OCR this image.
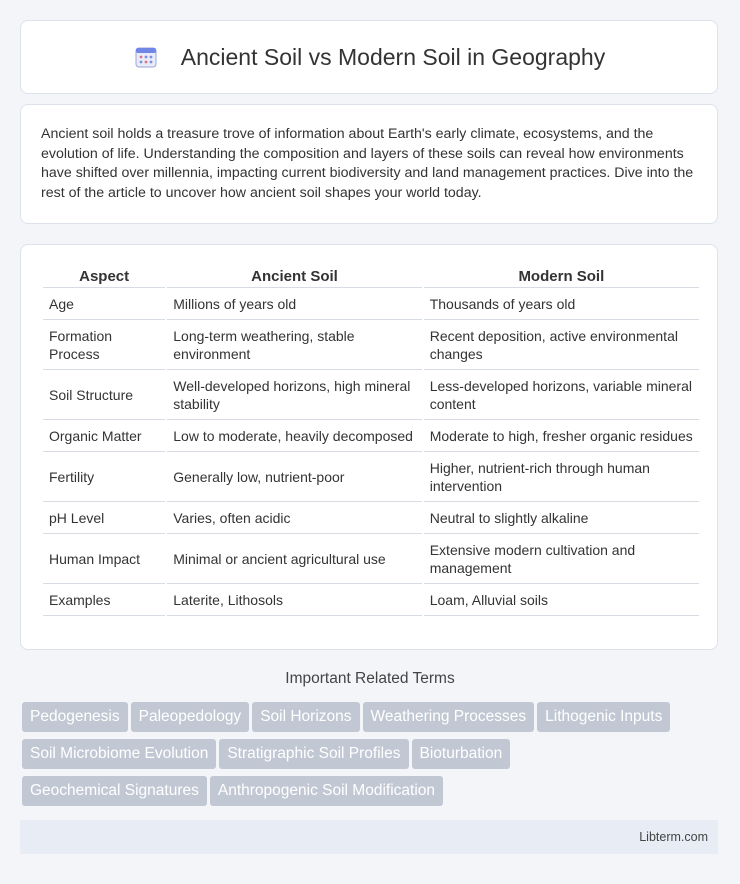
Ancient Soil vs Modern Soil in Geography

Ancient soil holds a treasure trove of information about Earth's early climate, ecosystems, and the evolution of life. Understanding the composition and layers of these soils can reveal how environments have shifted over millennia, impacting current biodiversity and land management practices. Dive into the rest of the article to uncover how ancient soil shapes your world today.

Aspect	Ancient Soil	Modern Soil
Age	Millions of years old	Thousands of years old
Formation Process	Long-term weathering, stable environment	Recent deposition, active environmental changes
Soil Structure	Well-developed horizons, high mineral stability	Less-developed horizons, variable mineral content
Organic Matter	Low to moderate, heavily decomposed	Moderate to high, fresher organic residues
Fertility	Generally low, nutrient-poor	Higher, nutrient-rich through human intervention
pH Level	Varies, often acidic	Neutral to slightly alkaline
Human Impact	Minimal or ancient agricultural use	Extensive modern cultivation and management
Examples	Laterite, Lithosols	Loam, Alluvial soils
Important Related Terms
Pedogenesis Paleopedology Soil Horizons Weathering Processes Lithogenic Inputs
Soil Microbiome Evolution Stratigraphic Soil Profiles Bioturbation
Geochemical Signatures Anthropogenic Soil Modification
Libterm.com
